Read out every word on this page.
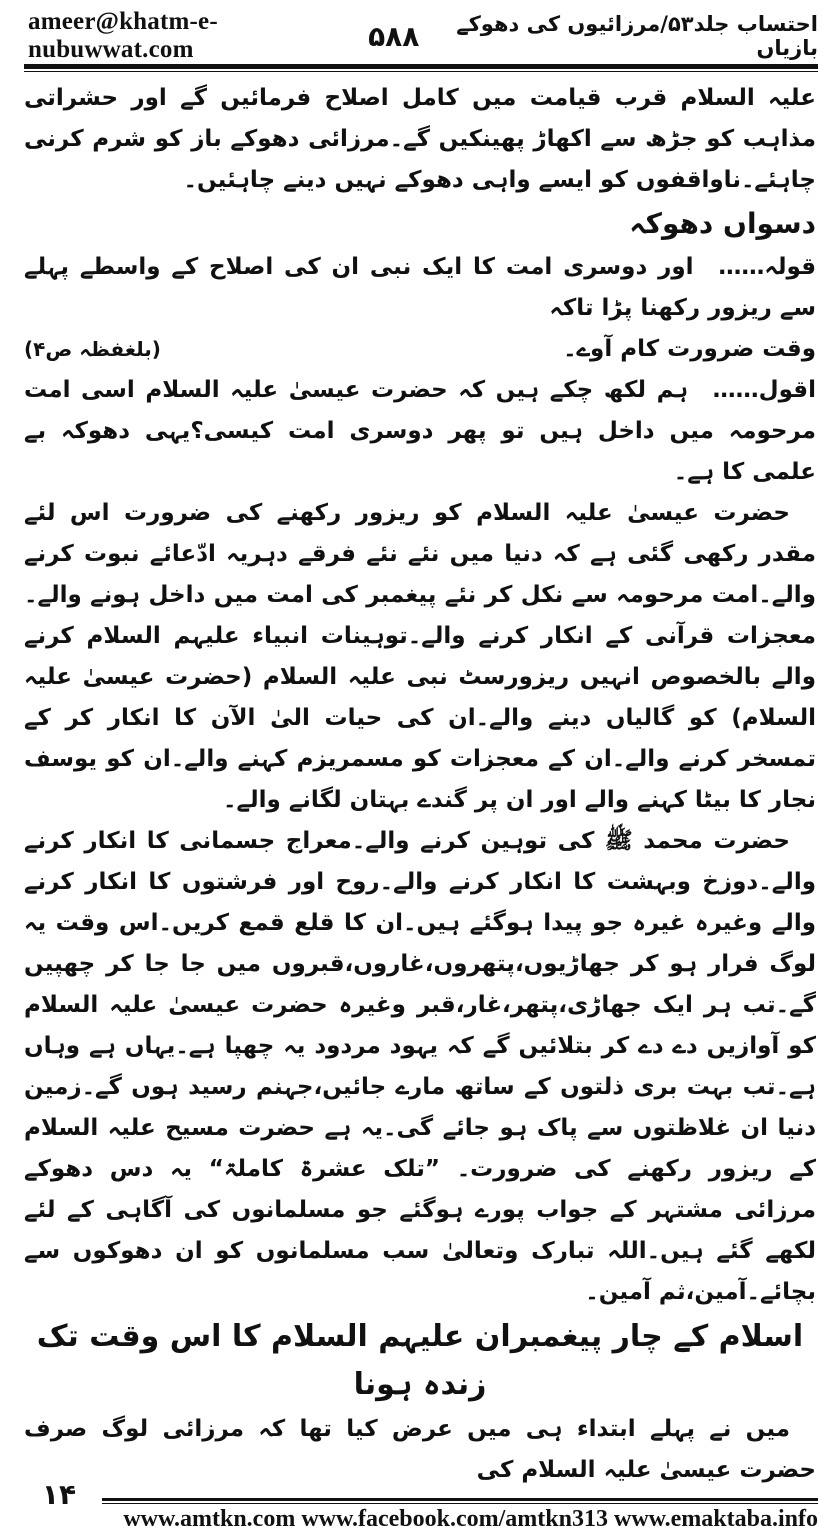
ameer@khatm-e-nubuwwat.com	۵۸۸	احتساب جلد۵۳/مرزائیوں کی دھوکے بازیاں

علیہ السلام قرب قیامت میں کامل اصلاح فرمائیں گے اور حشراتی مذاہب کو جڑھ سے اکھاڑ پھینکیں گے۔مرزائی دھوکے باز کو شرم کرنی چاہئے۔ناواقفوں کو ایسے واہی دھوکے نہیں دینے چاہئیں۔

دسواں دھوکہ

قولہ…… اور دوسری امت کا ایک نبی ان کی اصلاح کے واسطے پہلے سے ریزور رکھنا پڑا تاکہ

وقت ضرورت کام آوے۔
(بلغفظہ ص۴)

اقول…… ہم لکھ چکے ہیں کہ حضرت عیسیٰ علیہ السلام اسی امت مرحومہ میں داخل ہیں تو پھر دوسری امت کیسی؟یہی دھوکہ بے علمی کا ہے۔

حضرت عیسیٰ علیہ السلام کو ریزور رکھنے کی ضرورت اس لئے مقدر رکھی گئی ہے کہ دنیا میں نئے نئے فرقے دہریہ ادّعائے نبوت کرنے والے۔امت مرحومہ سے نکل کر نئے پیغمبر کی امت میں داخل ہونے والے۔معجزات قرآنی کے انکار کرنے والے۔توہینات انبیاء علیہم السلام کرنے والے بالخصوص انہیں ریزورسٹ نبی علیہ السلام (حضرت عیسیٰ علیہ السلام) کو گالیاں دینے والے۔ان کی حیات الیٰ الآن کا انکار کر کے تمسخر کرنے والے۔ان کے معجزات کو مسمریزم کہنے والے۔ان کو یوسف نجار کا بیٹا کہنے والے اور ان پر گندے بہتان لگانے والے۔

حضرت محمد ﷺ کی توہین کرنے والے۔معراج جسمانی کا انکار کرنے والے۔دوزخ وبہشت کا انکار کرنے والے۔روح اور فرشتوں کا انکار کرنے والے وغیرہ غیرہ جو پیدا ہوگئے ہیں۔ان کا قلع قمع کریں۔اس وقت یہ لوگ فرار ہو کر جھاڑیوں،پتھروں،غاروں،قبروں میں جا جا کر چھپیں گے۔تب ہر ایک جھاڑی،پتھر،غار،قبر وغیرہ حضرت عیسیٰ علیہ السلام کو آوازیں دے دے کر بتلائیں گے کہ یہود مردود یہ چھپا ہے۔یہاں ہے وہاں ہے۔تب بہت بری ذلتوں کے ساتھ مارے جائیں،جہنم رسید ہوں گے۔زمین دنیا ان غلاظتوں سے پاک ہو جائے گی۔یہ ہے حضرت مسیح علیہ السلام کے ریزور رکھنے کی ضرورت۔ ”تلک عشرۃ کاملۃ“ یہ دس دھوکے مرزائی مشتہر کے جواب پورے ہوگئے جو مسلمانوں کی آگاہی کے لئے لکھے گئے ہیں۔اللہ تبارک وتعالیٰ سب مسلمانوں کو ان دھوکوں سے بچائے۔آمین،ثم آمین۔

اسلام کے چار پیغمبران علیہم السلام کا اس وقت تک زندہ ہونا

میں نے پہلے ابتداء ہی میں عرض کیا تھا کہ مرزائی لوگ صرف حضرت عیسیٰ علیہ السلام کی

۱۴
www.amtkn.com www.facebook.com/amtkn313 www.emaktaba.info
